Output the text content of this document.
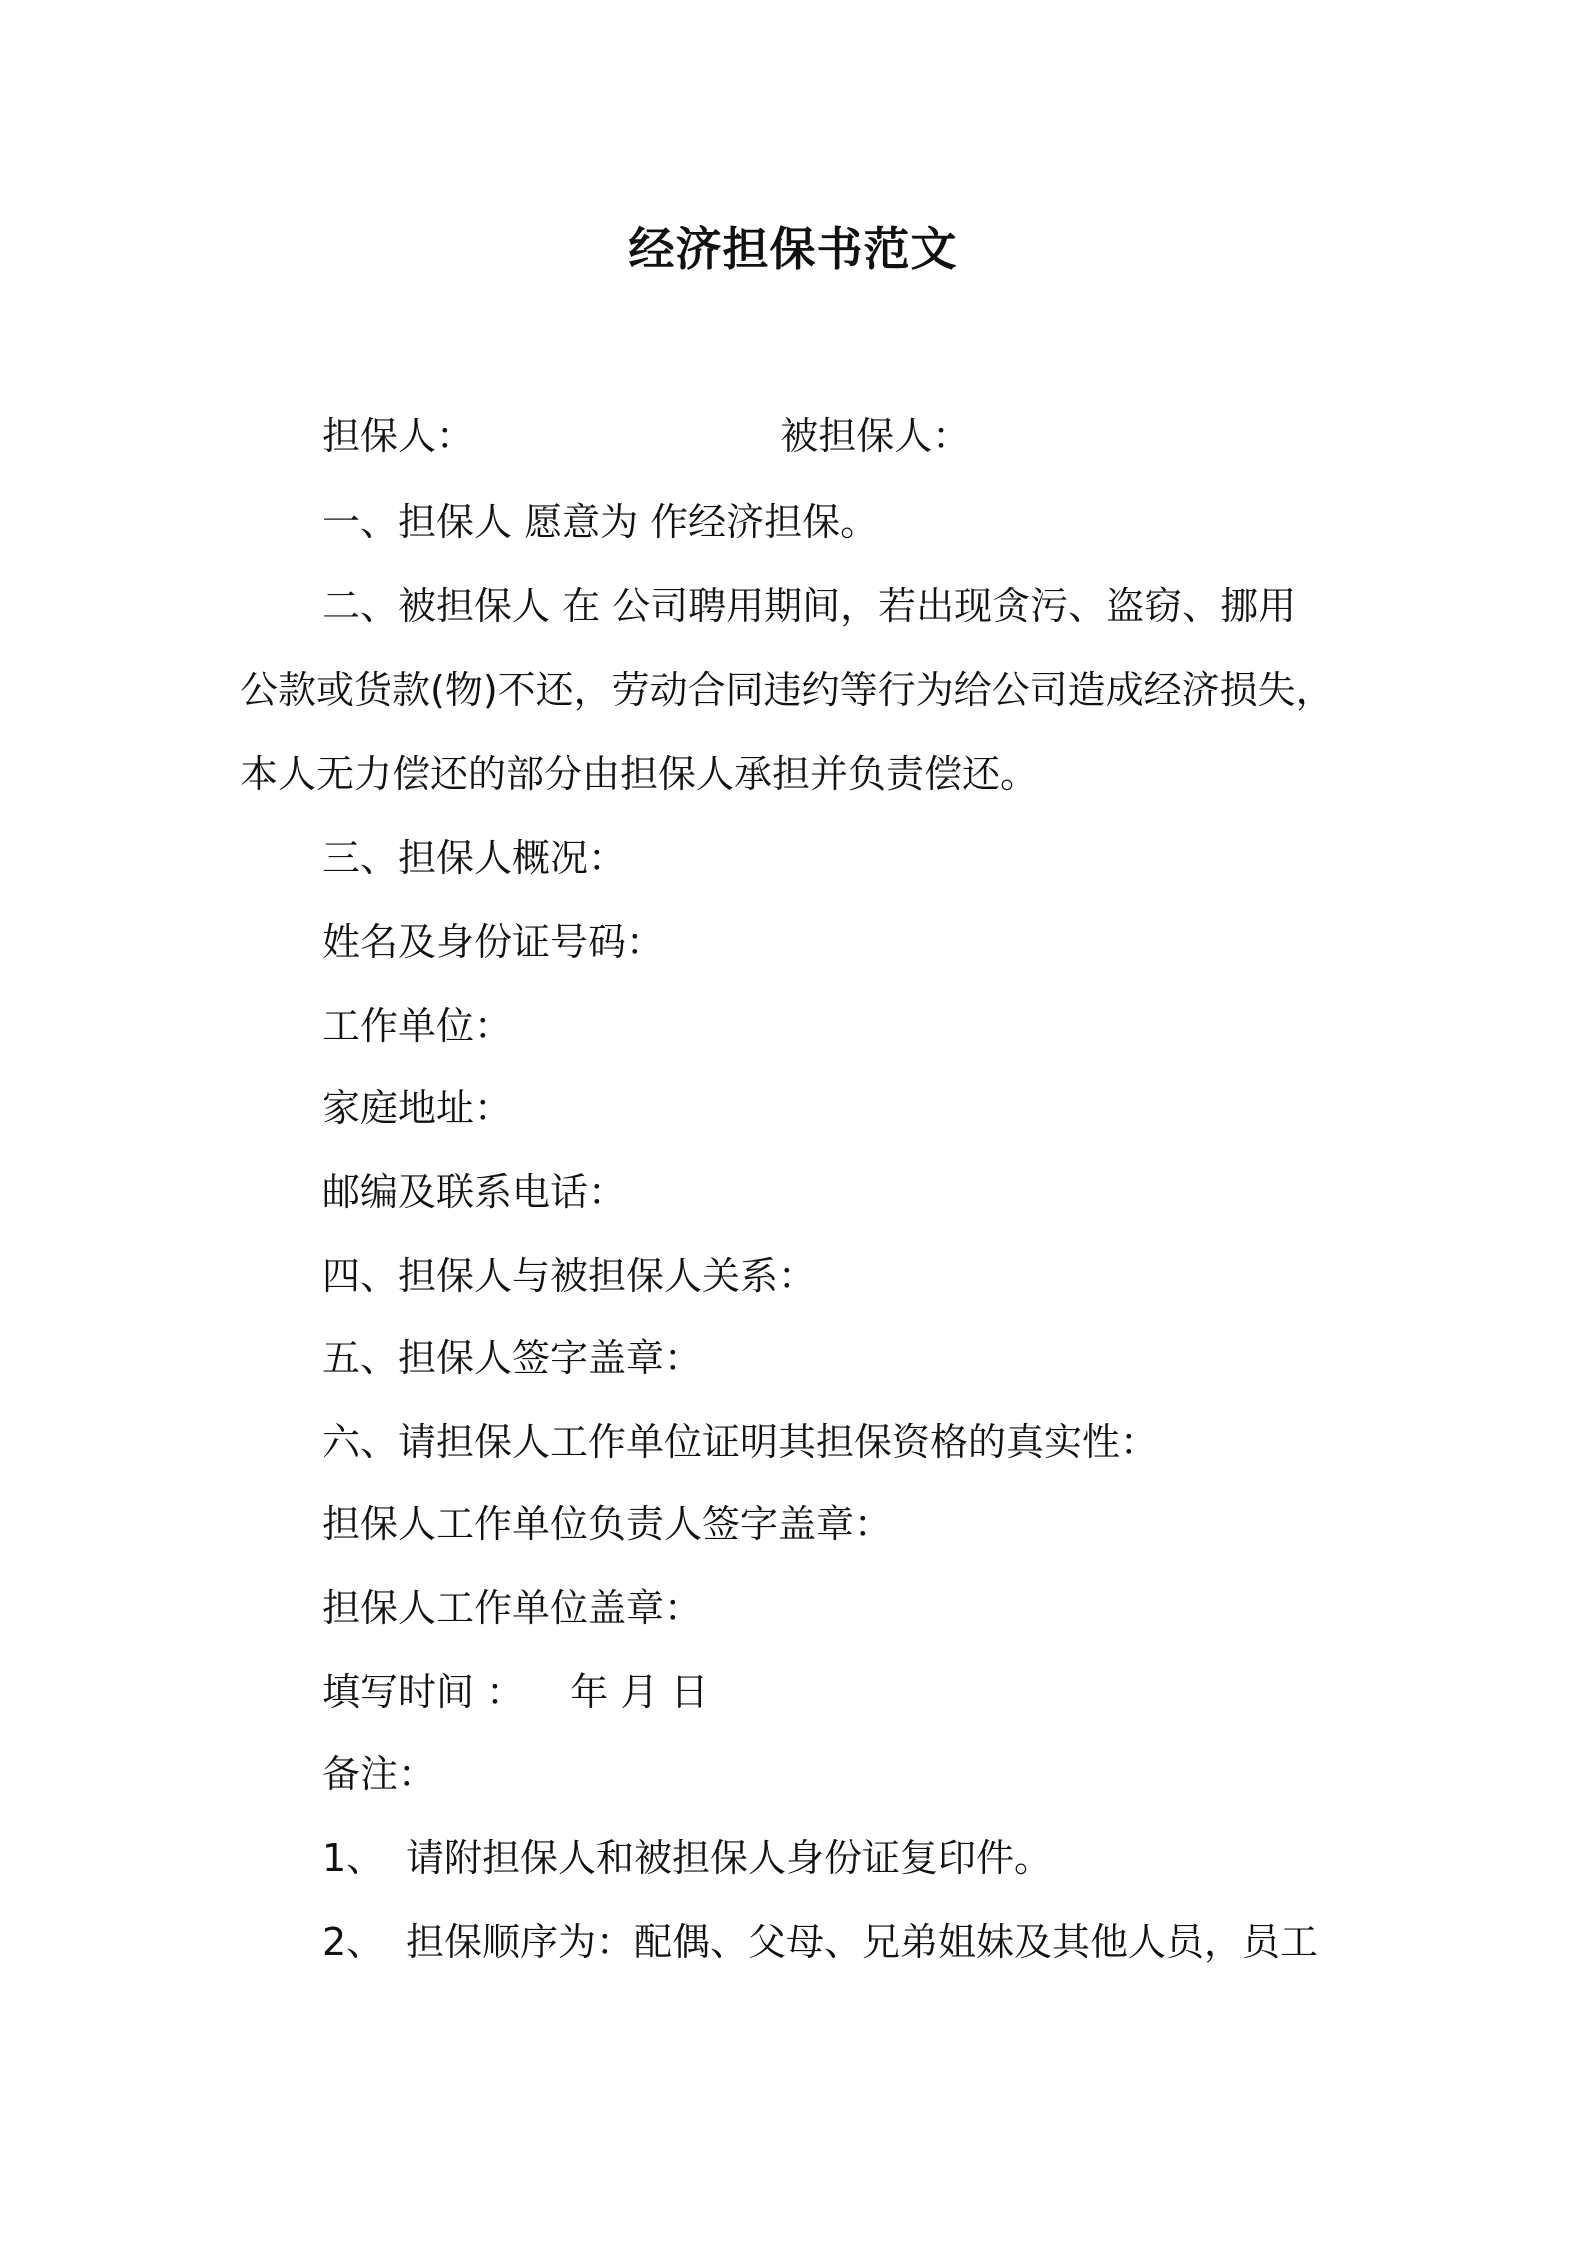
经济担保书范文
担保人：	被担保人：
一、担保人 愿意为 作经济担保。
二、被担保人 在 公司聘用期间，若出现贪污、盗窃、挪用
公款或货款(物)不还，劳动合同违约等行为给公司造成经济损失，
本人无力偿还的部分由担保人承担并负责偿还。
三、担保人概况：
姓名及身份证号码：
工作单位：
家庭地址：
邮编及联系电话：
四、担保人与被担保人关系：
五、担保人签字盖章：
六、请担保人工作单位证明其担保资格的真实性：
担保人工作单位负责人签字盖章：
担保人工作单位盖章：
填写时间 ： 年 月 日
备注：
1、 请附担保人和被担保人身份证复印件。
2、 担保顺序为：配偶、父母、兄弟姐妹及其他人员，员工
